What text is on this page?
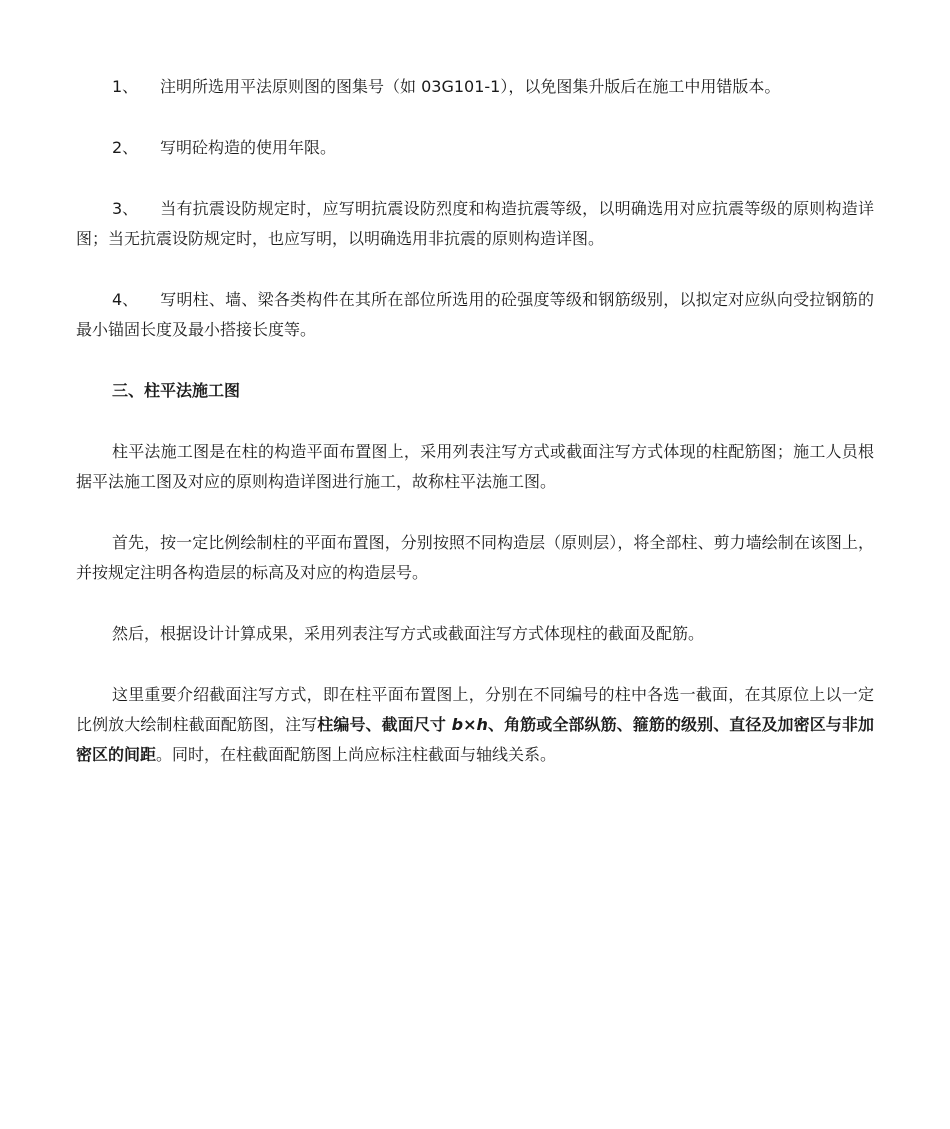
1、 注明所选用平法原则图的图集号（如 03G101-1），以免图集升版后在施工中用错版本。

2、 写明砼构造的使用年限。

3、 当有抗震设防规定时，应写明抗震设防烈度和构造抗震等级，以明确选用对应抗震等级的原则构造详图；当无抗震设防规定时，也应写明，以明确选用非抗震的原则构造详图。

4、 写明柱、墙、梁各类构件在其所在部位所选用的砼强度等级和钢筋级别，以拟定对应纵向受拉钢筋的最小锚固长度及最小搭接长度等。

三、柱平法施工图

柱平法施工图是在柱的构造平面布置图上，采用列表注写方式或截面注写方式体现的柱配筋图；施工人员根据平法施工图及对应的原则构造详图进行施工，故称柱平法施工图。

首先，按一定比例绘制柱的平面布置图，分别按照不同构造层（原则层），将全部柱、剪力墙绘制在该图上，并按规定注明各构造层的标高及对应的构造层号。

然后，根据设计计算成果，采用列表注写方式或截面注写方式体现柱的截面及配筋。

这里重要介绍截面注写方式，即在柱平面布置图上，分别在不同编号的柱中各选一截面，在其原位上以一定比例放大绘制柱截面配筋图，注写柱编号、截面尺寸 b×h、角筋或全部纵筋、箍筋的级别、直径及加密区与非加密区的间距。同时，在柱截面配筋图上尚应标注柱截面与轴线关系。
